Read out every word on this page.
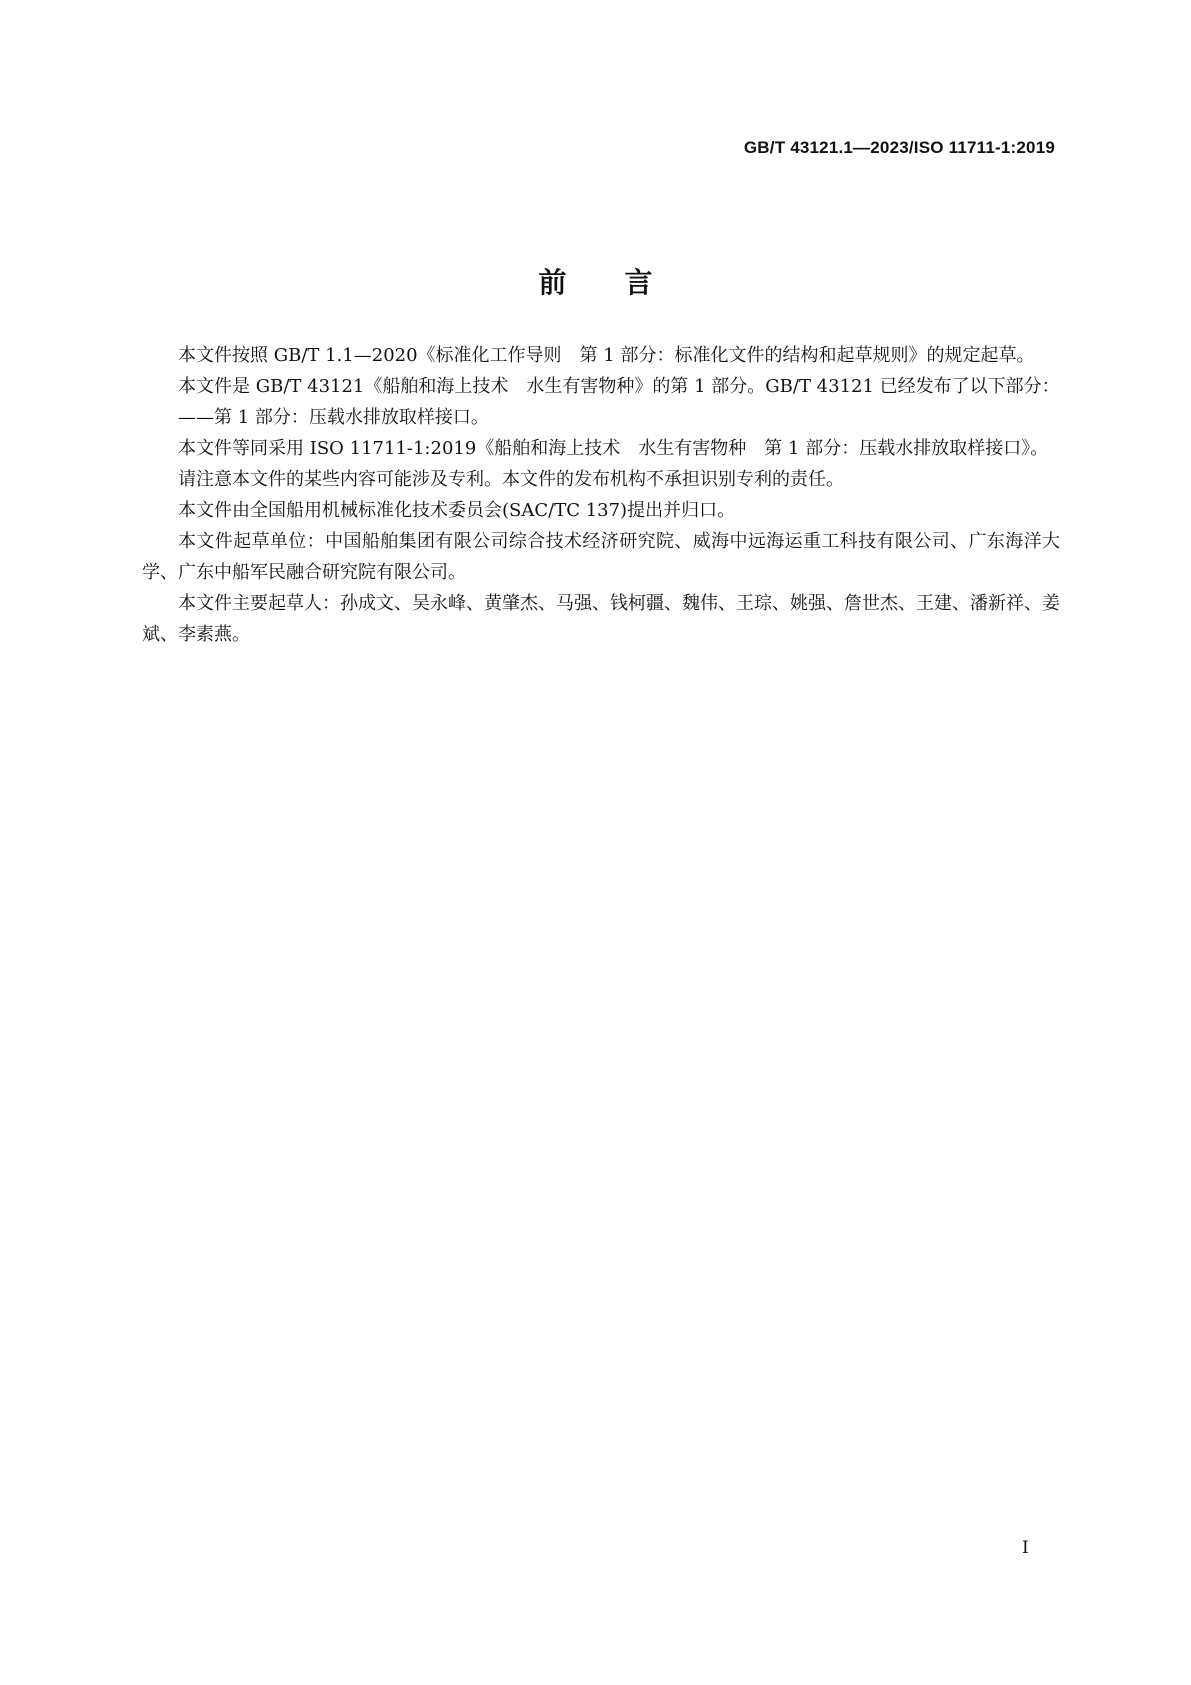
GB/T 43121.1—2023/ISO 11711-1:2019
前言

本文件按照 GB/T 1.1—2020《标准化工作导则　第 1 部分：标准化文件的结构和起草规则》的规定起草。

本文件是 GB/T 43121《船舶和海上技术　水生有害物种》的第 1 部分。GB/T 43121 已经发布了以下部分：

——第 1 部分：压载水排放取样接口。

本文件等同采用 ISO 11711-1:2019《船舶和海上技术　水生有害物种　第 1 部分：压载水排放取样接口》。

请注意本文件的某些内容可能涉及专利。本文件的发布机构不承担识别专利的责任。

本文件由全国船用机械标准化技术委员会(SAC/TC 137)提出并归口。

本文件起草单位：中国船舶集团有限公司综合技术经济研究院、威海中远海运重工科技有限公司、广东海洋大学、广东中船军民融合研究院有限公司。

本文件主要起草人：孙成文、吴永峰、黄肇杰、马强、钱柯疆、魏伟、王琮、姚强、詹世杰、王建、潘新祥、姜斌、李素燕。

I
